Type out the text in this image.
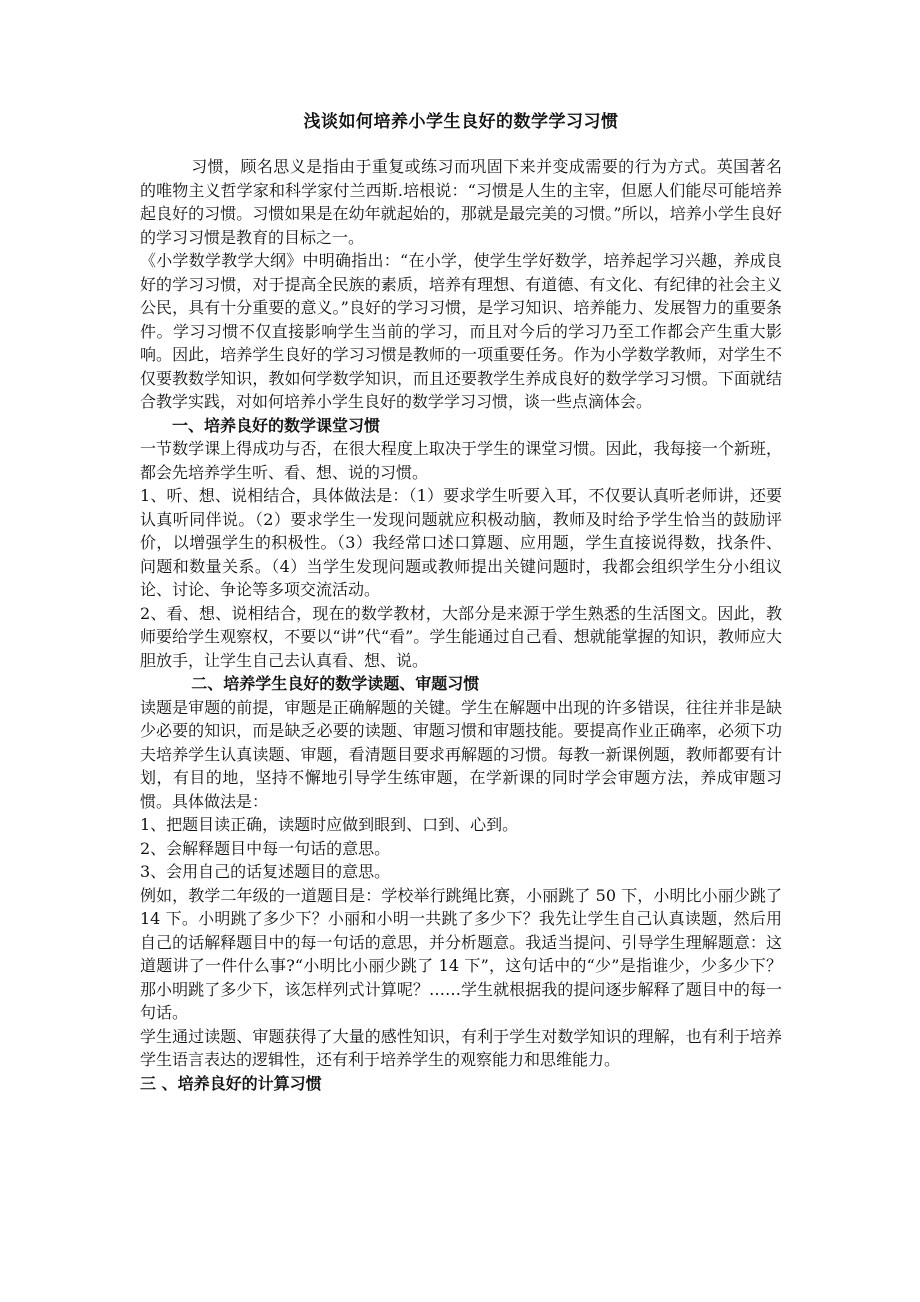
浅谈如何培养小学生良好的数学学习习惯

习惯，顾名思义是指由于重复或练习而巩固下来并变成需要的行为方式。英国著名的唯物主义哲学家和科学家付兰西斯.培根说：“习惯是人生的主宰，但愿人们能尽可能培养起良好的习惯。习惯如果是在幼年就起始的，那就是最完美的习惯。”所以，培养小学生良好的学习习惯是教育的目标之一。

《小学数学教学大纲》中明确指出：“在小学，使学生学好数学，培养起学习兴趣，养成良好的学习习惯，对于提高全民族的素质，培养有理想、有道德、有文化、有纪律的社会主义公民，具有十分重要的意义。”良好的学习习惯，是学习知识、培养能力、发展智力的重要条件。学习习惯不仅直接影响学生当前的学习，而且对今后的学习乃至工作都会产生重大影响。因此，培养学生良好的学习习惯是教师的一项重要任务。作为小学数学教师，对学生不仅要教数学知识，教如何学数学知识，而且还要教学生养成良好的数学学习习惯。下面就结合教学实践，对如何培养小学生良好的数学学习习惯，谈一些点滴体会。

一、培养良好的数学课堂习惯

一节数学课上得成功与否，在很大程度上取决于学生的课堂习惯。因此，我每接一个新班，都会先培养学生听、看、想、说的习惯。

1、听、想、说相结合，具体做法是：（1）要求学生听要入耳，不仅要认真听老师讲，还要认真听同伴说。（2）要求学生一发现问题就应积极动脑，教师及时给予学生恰当的鼓励评价，以增强学生的积极性。（3）我经常口述口算题、应用题，学生直接说得数，找条件、问题和数量关系。（4）当学生发现问题或教师提出关键问题时，我都会组织学生分小组议论、讨论、争论等多项交流活动。

2、看、想、说相结合，现在的数学教材，大部分是来源于学生熟悉的生活图文。因此，教师要给学生观察权，不要以“讲”代“看”。学生能通过自己看、想就能掌握的知识，教师应大胆放手，让学生自己去认真看、想、说。

二、培养学生良好的数学读题、审题习惯

读题是审题的前提，审题是正确解题的关键。学生在解题中出现的许多错误，往往并非是缺少必要的知识，而是缺乏必要的读题、审题习惯和审题技能。要提高作业正确率，必须下功夫培养学生认真读题、审题，看清题目要求再解题的习惯。每教一新课例题，教师都要有计划，有目的地，坚持不懈地引导学生练审题，在学新课的同时学会审题方法，养成审题习惯。具体做法是：

1、把题目读正确，读题时应做到眼到、口到、心到。

2、会解释题目中每一句话的意思。

3、会用自己的话复述题目的意思。

例如，教学二年级的一道题目是：学校举行跳绳比赛，小丽跳了 50 下，小明比小丽少跳了 14 下。小明跳了多少下？小丽和小明一共跳了多少下？我先让学生自己认真读题，然后用自己的话解释题目中的每一句话的意思，并分析题意。我适当提问、引导学生理解题意：这道题讲了一件什么事?“小明比小丽少跳了 14 下”，这句话中的“少”是指谁少，少多少下？那小明跳了多少下，该怎样列式计算呢？……学生就根据我的提问逐步解释了题目中的每一句话。

学生通过读题、审题获得了大量的感性知识，有利于学生对数学知识的理解，也有利于培养学生语言表达的逻辑性，还有利于培养学生的观察能力和思维能力。

三 、培养良好的计算习惯
